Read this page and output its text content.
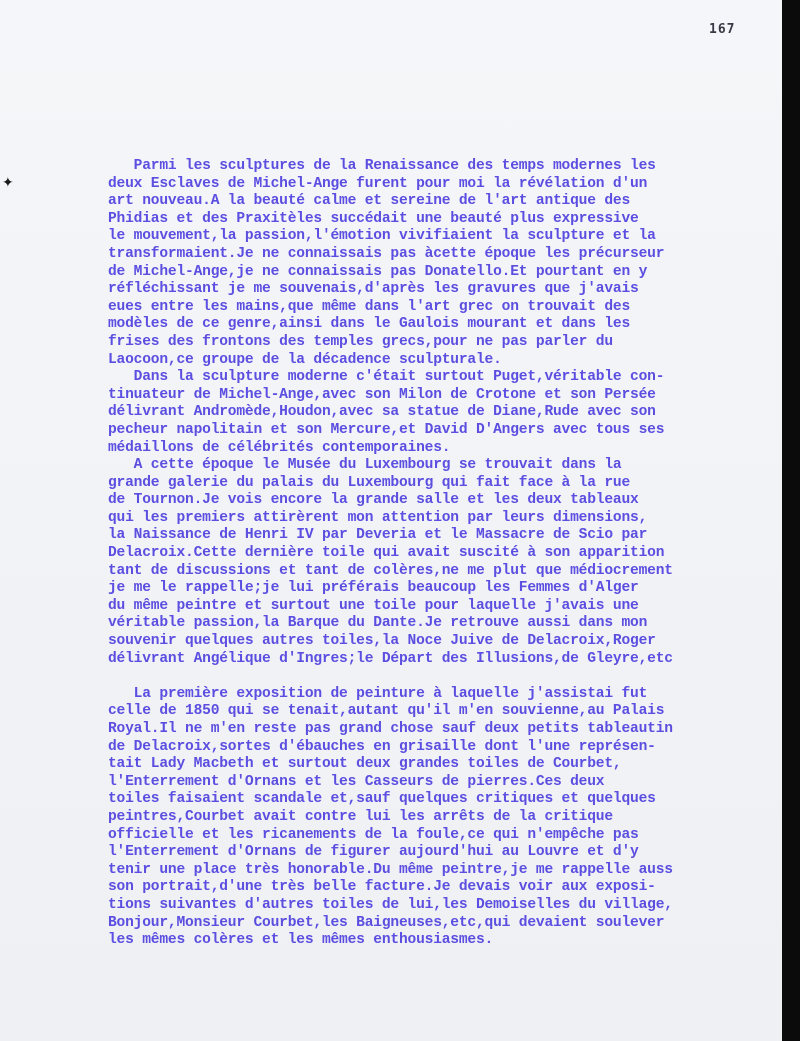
167
✦
Parmi les sculptures de la Renaissance des temps modernes les
deux Esclaves de Michel-Ange furent pour moi la révélation d'un
art nouveau.A la beauté calme et sereine de l'art antique des
Phidias et des Praxitèles succédait une beauté plus expressive
le mouvement,la passion,l'émotion vivifiaient la sculpture et la
transformaient.Je ne connaissais pas àcette époque les précurseur
de Michel-Ange,je ne connaissais pas Donatello.Et pourtant en y
réfléchissant je me souvenais,d'après les gravures que j'avais
eues entre les mains,que même dans l'art grec on trouvait des
modèles de ce genre,ainsi dans le Gaulois mourant et dans les
frises des frontons des temples grecs,pour ne pas parler du
Laocoon,ce groupe de la décadence sculpturale.
Dans la sculpture moderne c'était surtout Puget,véritable con-
tinuateur de Michel-Ange,avec son Milon de Crotone et son Persée
délivrant Andromède,Houdon,avec sa statue de Diane,Rude avec son
pecheur napolitain et son Mercure,et David D'Angers avec tous ses
médaillons de célébrités contemporaines.
A cette époque le Musée du Luxembourg se trouvait dans la
grande galerie du palais du Luxembourg qui fait face à la rue
de Tournon.Je vois encore la grande salle et les deux tableaux
qui les premiers attirèrent mon attention par leurs dimensions,
la Naissance de Henri IV par Deveria et le Massacre de Scio par
Delacroix.Cette dernière toile qui avait suscité à son apparition
tant de discussions et tant de colères,ne me plut que médiocrement
je me le rappelle;je lui préférais beaucoup les Femmes d'Alger
du même peintre et surtout une toile pour laquelle j'avais une
véritable passion,la Barque du Dante.Je retrouve aussi dans mon
souvenir quelques autres toiles,la Noce Juive de Delacroix,Roger
délivrant Angélique d'Ingres;le Départ des Illusions,de Gleyre,etc
La première exposition de peinture à laquelle j'assistai fut
celle de 1850 qui se tenait,autant qu'il m'en souvienne,au Palais
Royal.Il ne m'en reste pas grand chose sauf deux petits tableautin
de Delacroix,sortes d'ébauches en grisaille dont l'une représen-
tait Lady Macbeth et surtout deux grandes toiles de Courbet,
l'Enterrement d'Ornans et les Casseurs de pierres.Ces deux
toiles faisaient scandale et,sauf quelques critiques et quelques
peintres,Courbet avait contre lui les arrêts de la critique
officielle et les ricanements de la foule,ce qui n'empêche pas
l'Enterrement d'Ornans de figurer aujourd'hui au Louvre et d'y
tenir une place très honorable.Du même peintre,je me rappelle auss
son portrait,d'une très belle facture.Je devais voir aux exposi-
tions suivantes d'autres toiles de lui,les Demoiselles du village,
Bonjour,Monsieur Courbet,les Baigneuses,etc,qui devaient soulever
les mêmes colères et les mêmes enthousiasmes.
